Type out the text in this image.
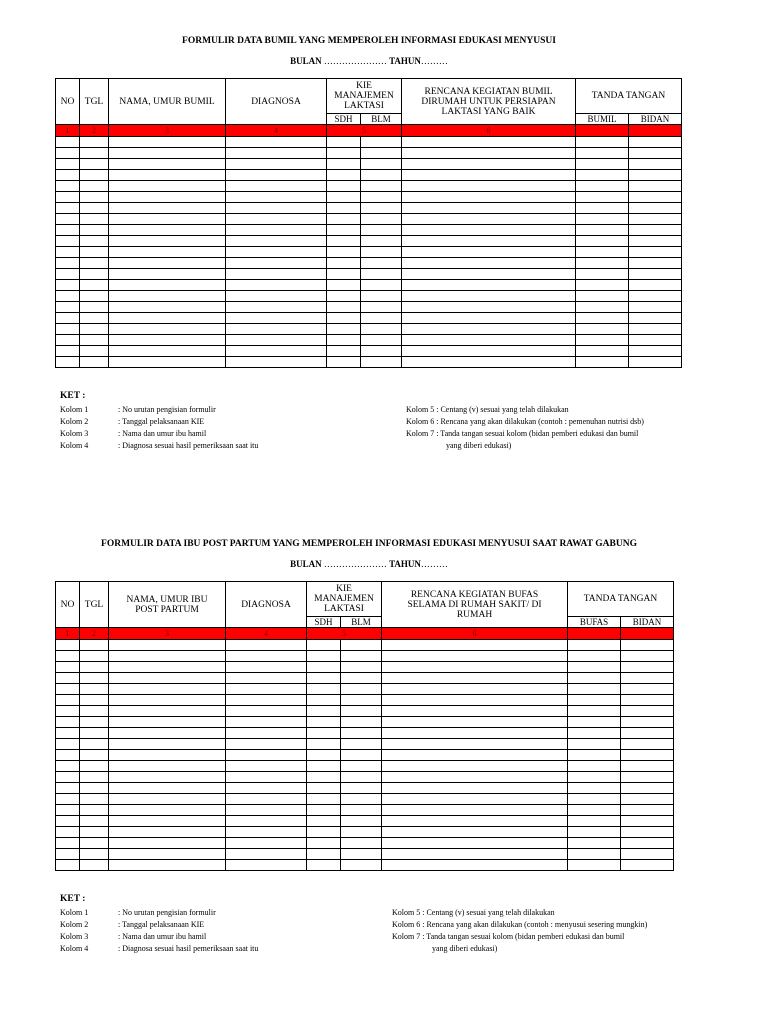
FORMULIR DATA BUMIL YANG MEMPEROLEH INFORMASI EDUKASI MENYUSUI
BULAN ………………… TAHUN………
NO	TGL	NAMA, UMUR BUMIL	DIAGNOSA	KIE MANAJEMEN LAKTASI		RENCANA KEGIATAN BUMIL DIRUMAH UNTUK PERSIAPAN LAKTASI YANG BAIK	TANDA TANGAN	
				SDH	BLM		BUMIL	BIDAN
1	2	3	4	5		6		

KET :
Kolom 1	: No urutan pengisian formulir
Kolom 2	: Tanggal pelaksanaan KIE
Kolom 3	: Nama dan umur ibu hamil
Kolom 4	: Diagnosa sesuai hasil pemeriksaan saat itu
Kolom 5 : Centang (v) sesuai yang telah dilakukan
Kolom 6 : Rencana yang akan dilakukan (contoh : pemenuhan nutrisi dsb)
Kolom 7 : Tanda tangan sesuai kolom (bidan pemberi edukasi dan bumil
yang diberi edukasi)
FORMULIR DATA IBU POST PARTUM YANG MEMPEROLEH INFORMASI EDUKASI MENYUSUI SAAT RAWAT GABUNG
BULAN ………………… TAHUN………
NO	TGL	NAMA, UMUR IBU POST PARTUM	DIAGNOSA	KIE MANAJEMEN LAKTASI		RENCANA KEGIATAN BUFAS SELAMA DI RUMAH SAKIT/ DI RUMAH	TANDA TANGAN	
				SDH	BLM		BUFAS	BIDAN
1	2	3	4	5		6		

KET :
Kolom 1	: No urutan pengisian formulir
Kolom 2	: Tanggal pelaksanaan KIE
Kolom 3	: Nama dan umur ibu hamil
Kolom 4	: Diagnosa sesuai hasil pemeriksaan saat itu
Kolom 5 : Centang (v) sesuai yang telah dilakukan
Kolom 6 : Rencana yang akan dilakukan (contoh : menyusui sesering mungkin)
Kolom 7 : Tanda tangan sesuai kolom (bidan pemberi edukasi dan bumil
yang diberi edukasi)
